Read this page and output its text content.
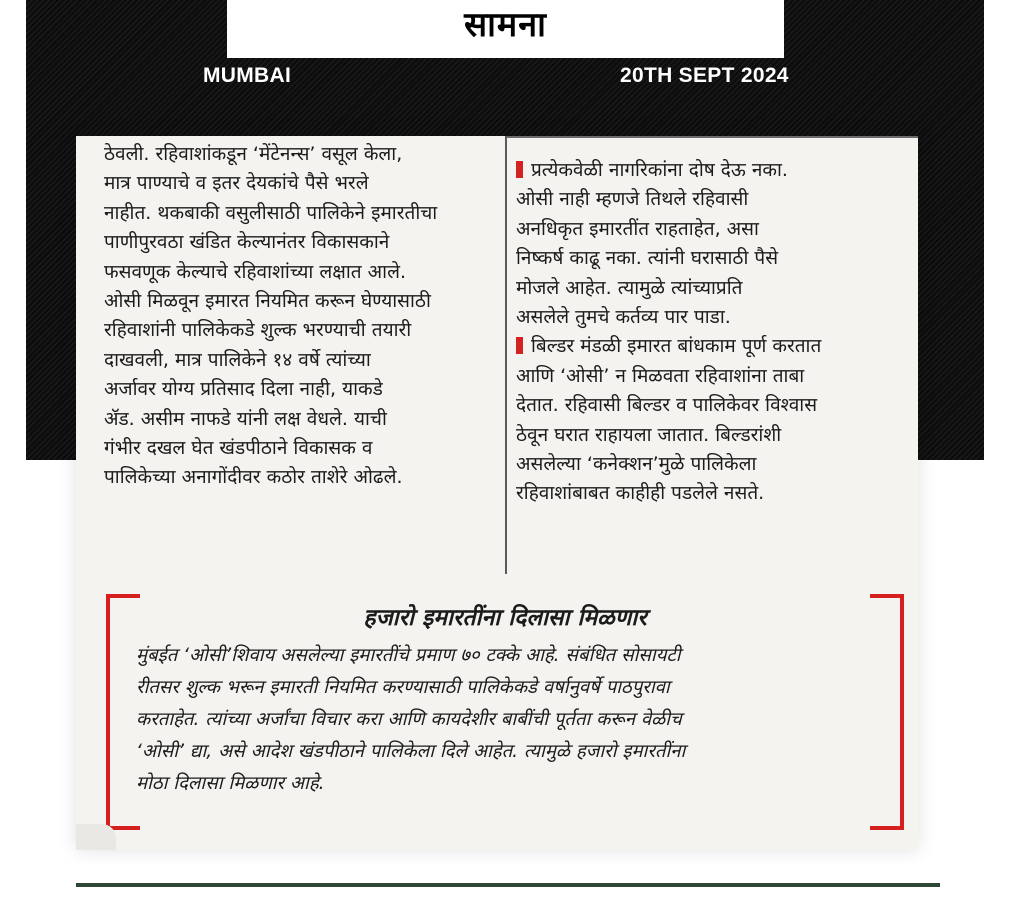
सामना
MUMBAI	20TH SEPT 2024
ठेवली. रहिवाशांकडून ‘मेंटेनन्स’ वसूल केला,
मात्र पाण्याचे व इतर देयकांचे पैसे भरले
नाहीत. थकबाकी वसुलीसाठी पालिकेने इमारतीचा
पाणीपुरवठा खंडित केल्यानंतर विकासकाने
फसवणूक केल्याचे रहिवाशांच्या लक्षात आले.
ओसी मिळवून इमारत नियमित करून घेण्यासाठी
रहिवाशांनी पालिकेकडे शुल्क भरण्याची तयारी
दाखवली, मात्र पालिकेने १४ वर्षे त्यांच्या
अर्जावर योग्य प्रतिसाद दिला नाही, याकडे
ॲड. असीम नाफडे यांनी लक्ष वेधले. याची
गंभीर दखल घेत खंडपीठाने विकासक व
पालिकेच्या अनागोंदीवर कठोर ताशेरे ओढले.
प्रत्येकवेळी नागरिकांना दोष देऊ नका.
ओसी नाही म्हणजे तिथले रहिवासी
अनधिकृत इमारतींत राहताहेत, असा
निष्कर्ष काढू नका. त्यांनी घरासाठी पैसे
मोजले आहेत. त्यामुळे त्यांच्याप्रति
असलेले तुमचे कर्तव्य पार पाडा.
बिल्डर मंडळी इमारत बांधकाम पूर्ण करतात
आणि ‘ओसी’ न मिळवता रहिवाशांना ताबा
देतात. रहिवासी बिल्डर व पालिकेवर विश्वास
ठेवून घरात राहायला जातात. बिल्डरांशी
असलेल्या ‘कनेक्शन’मुळे पालिकेला
रहिवाशांबाबत काहीही पडलेले नसते.
हजारो इमारतींना दिलासा मिळणार
मुंबईत ‘ओसी’शिवाय असलेल्या इमारतींचे प्रमाण ७० टक्के आहे. संबंधित सोसायटी
रीतसर शुल्क भरून इमारती नियमित करण्यासाठी पालिकेकडे वर्षानुवर्षे पाठपुरावा
करताहेत. त्यांच्या अर्जांचा विचार करा आणि कायदेशीर बाबींची पूर्तता करून वेळीच
‘ओसी’ द्या, असे आदेश खंडपीठाने पालिकेला दिले आहेत. त्यामुळे हजारो इमारतींना
मोठा दिलासा मिळणार आहे.
